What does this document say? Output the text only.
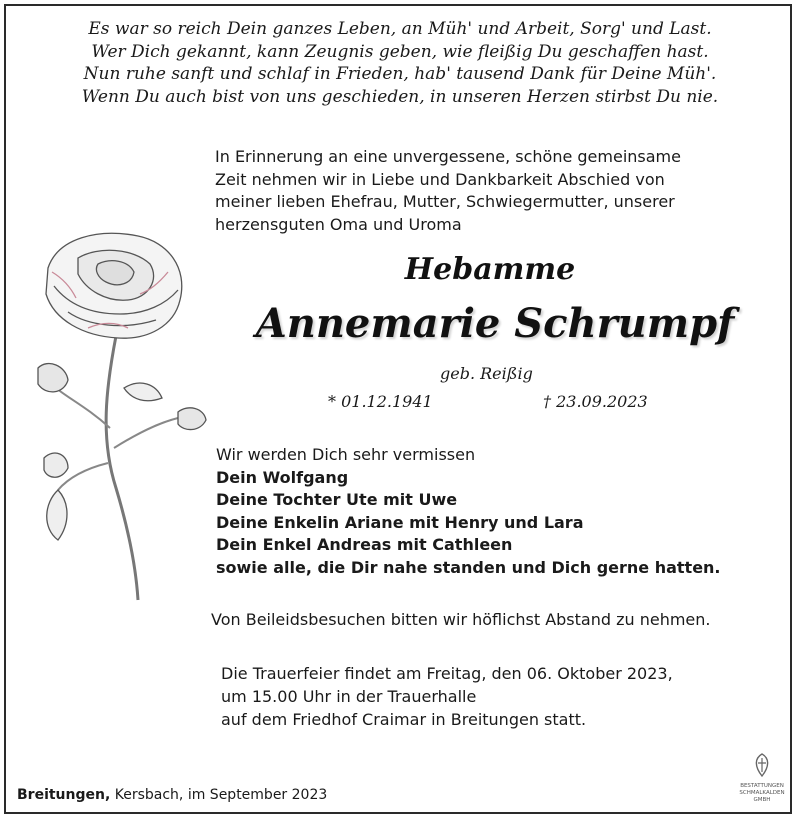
Es war so reich Dein ganzes Leben, an Müh' und Arbeit, Sorg' und Last.
Wer Dich gekannt, kann Zeugnis geben, wie fleißig Du geschaffen hast.
Nun ruhe sanft und schlaf in Frieden, hab' tausend Dank für Deine Müh'.
Wenn Du auch bist von uns geschieden, in unseren Herzen stirbst Du nie.
In Erinnerung an eine unvergessene, schöne gemeinsame
Zeit nehmen wir in Liebe und Dankbarkeit Abschied von
meiner lieben Ehefrau, Mutter, Schwiegermutter, unserer
herzensguten Oma und Uroma
Hebamme
Annemarie Schrumpf
geb. Reißig
* 01.12.1941	† 23.09.2023
Wir werden Dich sehr vermissen
Dein Wolfgang
Deine Tochter Ute mit Uwe
Deine Enkelin Ariane mit Henry und Lara
Dein Enkel Andreas mit Cathleen
sowie alle, die Dir nahe standen und Dich gerne hatten.
Von Beileidsbesuchen bitten wir höflichst Abstand zu nehmen.
Die Trauerfeier findet am Freitag, den 06. Oktober 2023,
um 15.00 Uhr in der Trauerhalle
auf dem Friedhof Craimar in Breitungen statt.
Breitungen, Kersbach, im September 2023
BESTATTUNGEN
SCHMALKALDEN
GMBH
